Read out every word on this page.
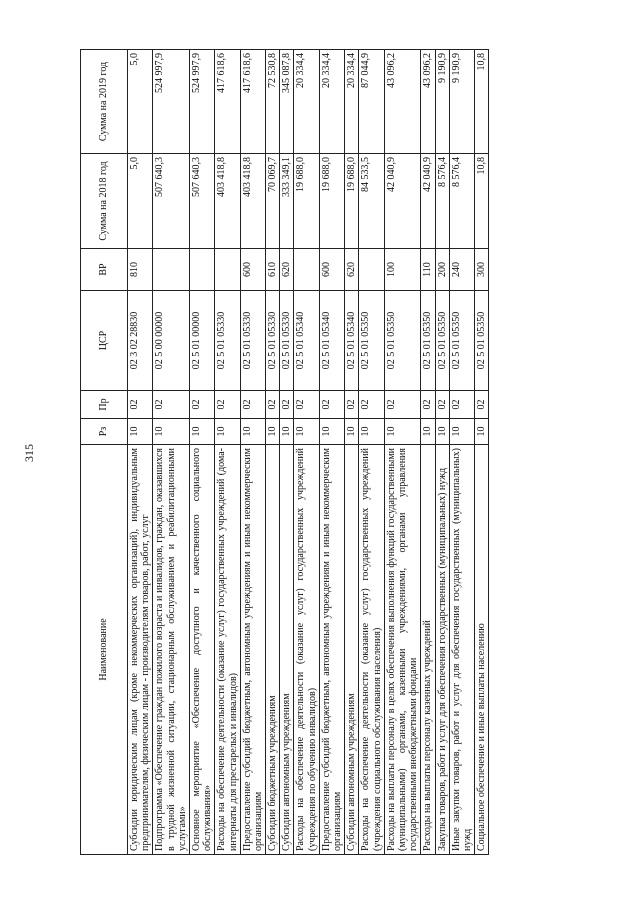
315
Наименование	Рз	Пр	ЦСР	ВР	Сумма на 2018 год	Сумма на 2019 год
Субсидии юридическим лицам (кроме некоммерческих организаций), индивидуальным предпринимателям, физическим лицам - производителям товаров, работ, услуг	10	02	02 3 02 28830	810	5,0	5,0
Подпрограмма «Обеспечение граждан пожилого возраста и инвалидов, граждан, оказавшихся в трудной жизненной ситуации, стационарным обслуживанием и реабилитационными услугами»	10	02	02 5 00 00000		507 640,3	524 997,9
Основное мероприятие «Обеспечение доступного и качественного социального обслуживания»	10	02	02 5 01 00000		507 640,3	524 997,9
Расходы на обеспечение деятельности (оказание услуг) государственных учреждений (дома-интернаты для престарелых и инвалидов)	10	02	02 5 01 05330		403 418,8	417 618,6
Предоставление субсидий бюджетным, автономным учреждениям и иным некоммерческим организациям	10	02	02 5 01 05330	600	403 418,8	417 618,6
Субсидии бюджетным учреждениям	10	02	02 5 01 05330	610	70 069,7	72 530,8
Субсидии автономным учреждениям	10	02	02 5 01 05330	620	333 349,1	345 087,8
Расходы на обеспечение деятельности (оказание услуг) государственных учреждений (учреждения по обучению инвалидов)	10	02	02 5 01 05340		19 688,0	20 334,4
Предоставление субсидий бюджетным, автономным учреждениям и иным некоммерческим организациям	10	02	02 5 01 05340	600	19 688,0	20 334,4
Субсидии автономным учреждениям	10	02	02 5 01 05340	620	19 688,0	20 334,4
Расходы на обеспечение деятельности (оказание услуг) государственных учреждений (учреждения социального обслуживания населения)	10	02	02 5 01 05350		84 533,5	87 044,9
Расходы на выплаты персоналу в целях обеспечения выполнения функций государственными (муниципальными) органами, казенными учреждениями, органами управления государственными внебюджетными фондами	10	02	02 5 01 05350	100	42 040,9	43 096,2
Расходы на выплаты персоналу казенных учреждений	10	02	02 5 01 05350	110	42 040,9	43 096,2
Закупка товаров, работ и услуг для обеспечения государственных (муниципальных) нужд	10	02	02 5 01 05350	200	8 576,4	9 190,9
Иные закупки товаров, работ и услуг для обеспечения государственных (муниципальных) нужд	10	02	02 5 01 05350	240	8 576,4	9 190,9
Социальное обеспечение и иные выплаты населению	10	02	02 5 01 05350	300	10,8	10,8
